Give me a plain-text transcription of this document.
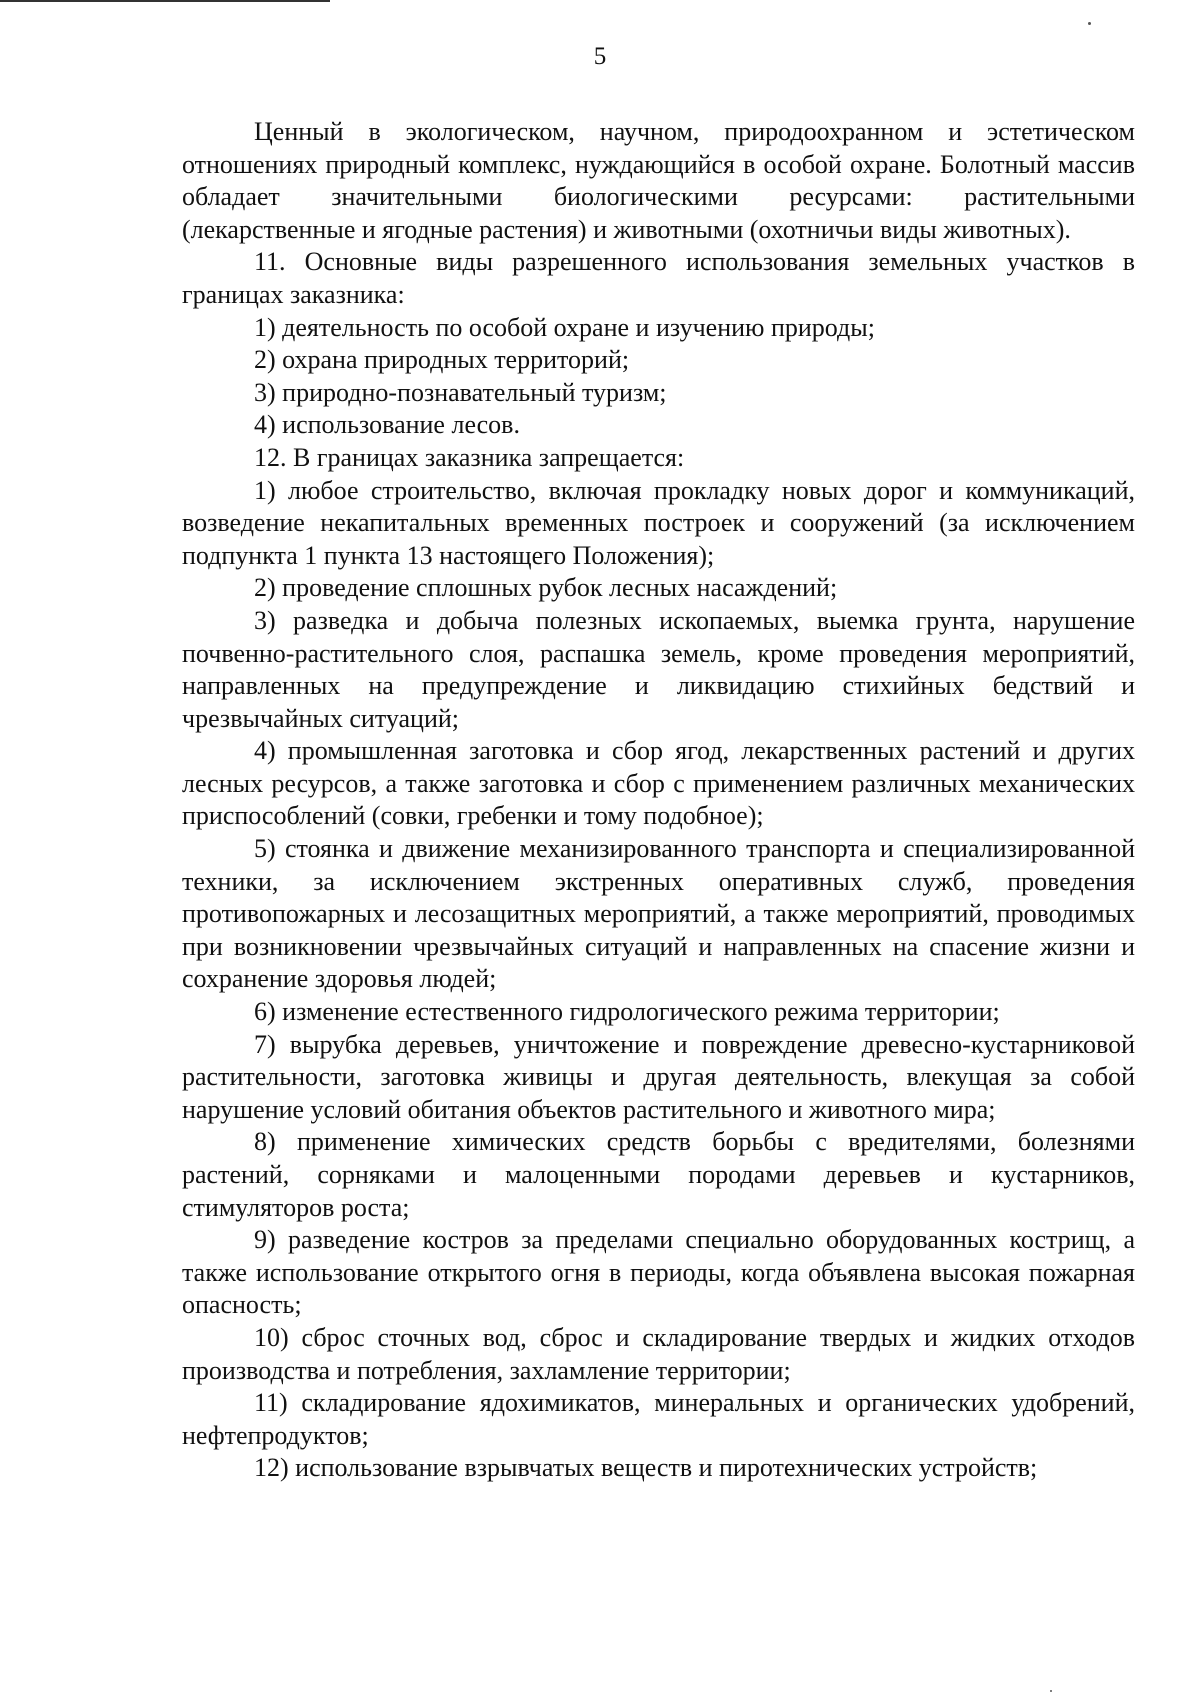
5

Ценный в экологическом, научном, природоохранном и эстетическом отношениях природный комплекс, нуждающийся в особой охране. Болотный массив обладает значительными биологическими ресурсами: растительными (лекарственные и ягодные растения) и животными (охотничьи виды животных).

11. Основные виды разрешенного использования земельных участков в границах заказника:

1) деятельность по особой охране и изучению природы;

2) охрана природных территорий;

3) природно-познавательный туризм;

4) использование лесов.

12. В границах заказника запрещается:

1) любое строительство, включая прокладку новых дорог и коммуникаций, возведение некапитальных временных построек и сооружений (за исключением подпункта 1 пункта 13 настоящего Положения);

2) проведение сплошных рубок лесных насаждений;

3) разведка и добыча полезных ископаемых, выемка грунта, нарушение почвенно-растительного слоя, распашка земель, кроме проведения мероприятий, направленных на предупреждение и ликвидацию стихийных бедствий и чрезвычайных ситуаций;

4) промышленная заготовка и сбор ягод, лекарственных растений и других лесных ресурсов, а также заготовка и сбор с применением различных механических приспособлений (совки, гребенки и тому подобное);

5) стоянка и движение механизированного транспорта и специализированной техники, за исключением экстренных оперативных служб, проведения противопожарных и лесозащитных мероприятий, а также мероприятий, проводимых при возникновении чрезвычайных ситуаций и направленных на спасение жизни и сохранение здоровья людей;

6) изменение естественного гидрологического режима территории;

7) вырубка деревьев, уничтожение и повреждение древесно-кустарниковой растительности, заготовка живицы и другая деятельность, влекущая за собой нарушение условий обитания объектов растительного и животного мира;

8) применение химических средств борьбы с вредителями, болезнями растений, сорняками и малоценными породами деревьев и кустарников, стимуляторов роста;

9) разведение костров за пределами специально оборудованных кострищ, а также использование открытого огня в периоды, когда объявлена высокая пожарная опасность;

10) сброс сточных вод, сброс и складирование твердых и жидких отходов производства и потребления, захламление территории;

11) складирование ядохимикатов, минеральных и органических удобрений, нефтепродуктов;

12) использование взрывчатых веществ и пиротехнических устройств;
